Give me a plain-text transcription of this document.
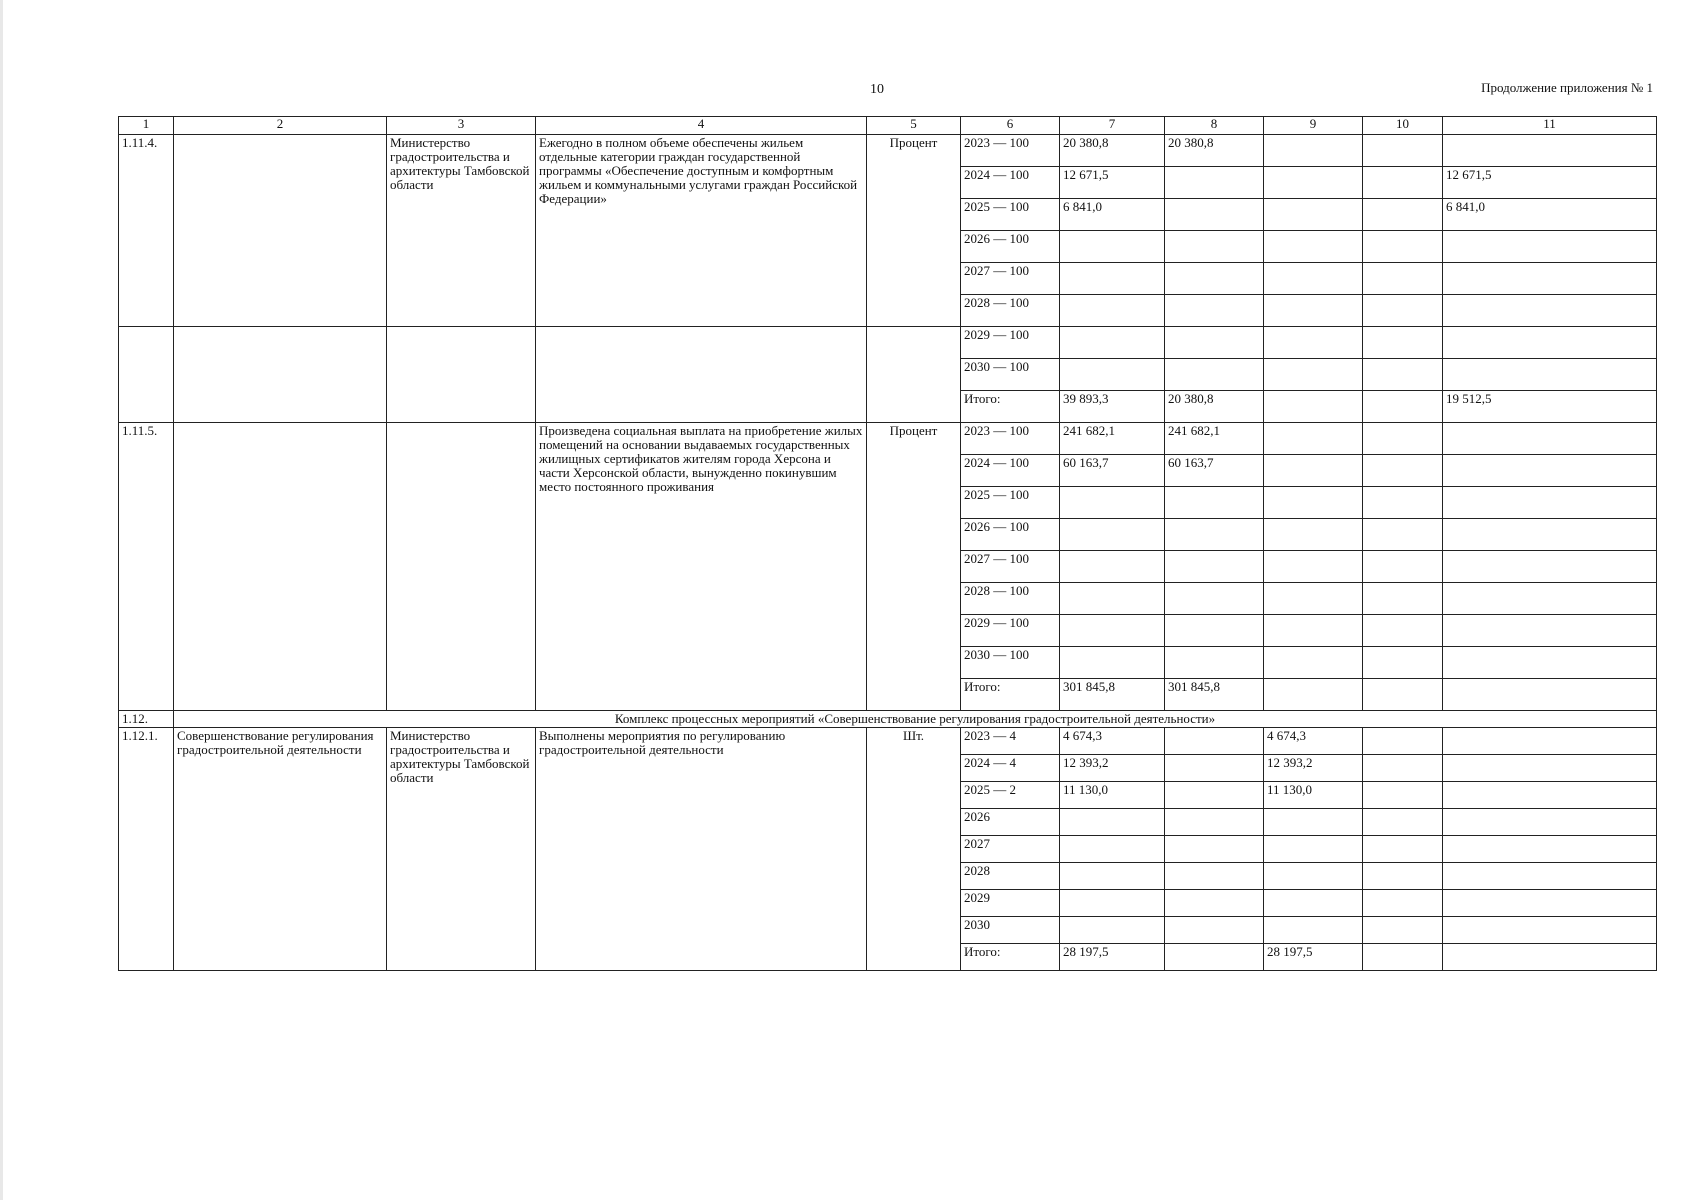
10	Продолжение приложения № 1
1	2	3	4	5	6	7	8	9	10	11
1.11.4.		Министерство градостроительства и архитектуры Тамбовской области	Ежегодно в полном объеме обеспечены жильем отдельные категории граждан государственной программы «Обеспечение доступным и комфортным жильем и коммунальными услугами граждан Российской Федерации»	Процент	2023 — 100	20 380,8	20 380,8			
					2024 — 100	12 671,5				12 671,5
					2025 — 100	6 841,0				6 841,0
					2026 — 100					
					2027 — 100					
					2028 — 100					
					2029 — 100					
					2030 — 100					
					Итого:	39 893,3	20 380,8			19 512,5
1.11.5.			Произведена социальная выплата на приобретение жилых помещений на основании выдаваемых государственных жилищных сертификатов жителям города Херсона и части Херсонской области, вынужденно покинувшим место постоянного проживания	Процент	2023 — 100	241 682,1	241 682,1			
					2024 — 100	60 163,7	60 163,7			
					2025 — 100					
					2026 — 100					
					2027 — 100					
					2028 — 100					
					2029 — 100					
					2030 — 100					
					Итого:	301 845,8	301 845,8			
1.12.	Комплекс процессных мероприятий «Совершенствование регулирования градостроительной деятельности»									
1.12.1.	Совершенствование регулирования градостроительной деятельности	Министерство градостроительства и архитектуры Тамбовской области	Выполнены мероприятия по регулированию градостроительной деятельности	Шт.	2023 — 4	4 674,3		4 674,3		
					2024 — 4	12 393,2		12 393,2		
					2025 — 2	11 130,0		11 130,0		
					2026					
					2027					
					2028					
					2029					
					2030					
					Итого:	28 197,5		28 197,5		
